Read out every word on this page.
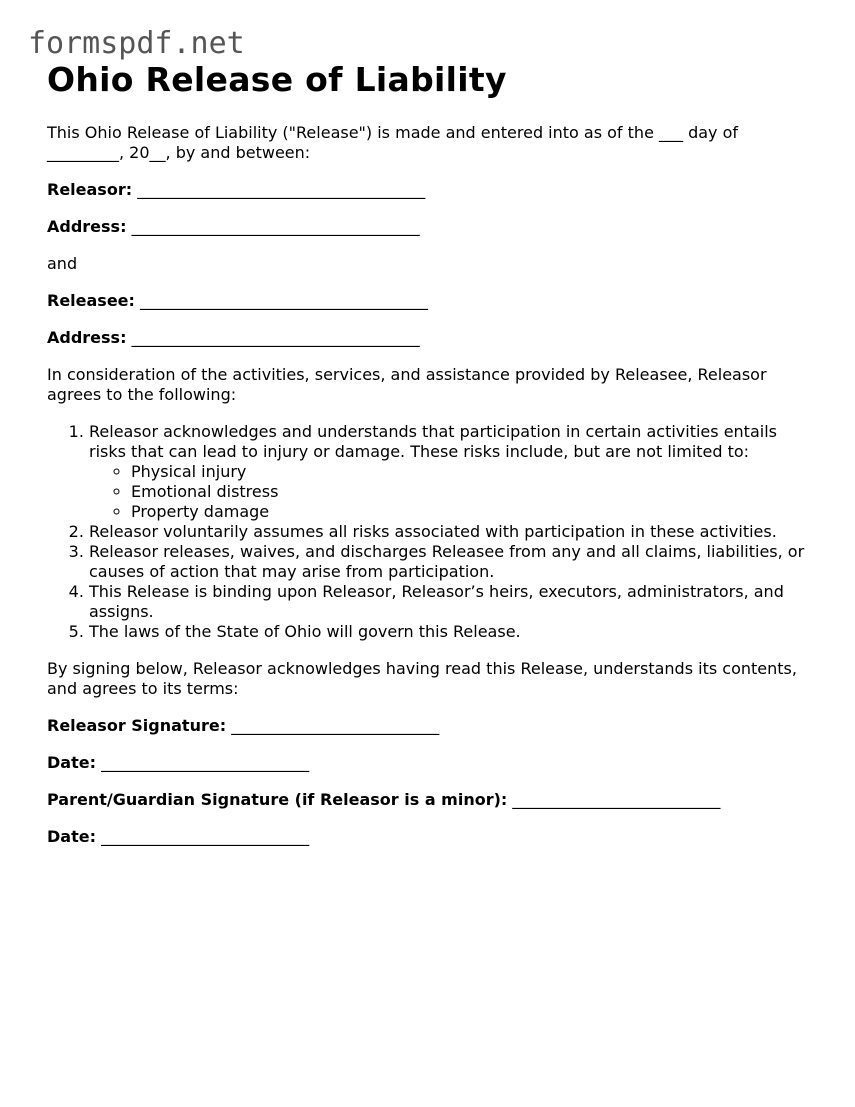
formspdf.net
Ohio Release of Liability

This Ohio Release of Liability ("Release") is made and entered into as of the ___ day of
_________, 20__, by and between:

Releasor: ____________________________________

Address: ____________________________________

and

Releasee: ____________________________________

Address: ____________________________________

In consideration of the activities, services, and assistance provided by Releasee, Releasor agrees to the following:

1. Releasor acknowledges and understands that participation in certain activities entails risks that can lead to injury or damage. These risks include, but are not limited to:
◦ Physical injury
◦ Emotional distress
◦ Property damage
2. Releasor voluntarily assumes all risks associated with participation in these activities.
3. Releasor releases, waives, and discharges Releasee from any and all claims, liabilities, or causes of action that may arise from participation.
4. This Release is binding upon Releasor, Releasor’s heirs, executors, administrators, and assigns.
5. The laws of the State of Ohio will govern this Release.

By signing below, Releasor acknowledges having read this Release, understands its contents, and agrees to its terms:

Releasor Signature: __________________________

Date: __________________________

Parent/Guardian Signature (if Releasor is a minor): __________________________

Date: __________________________
